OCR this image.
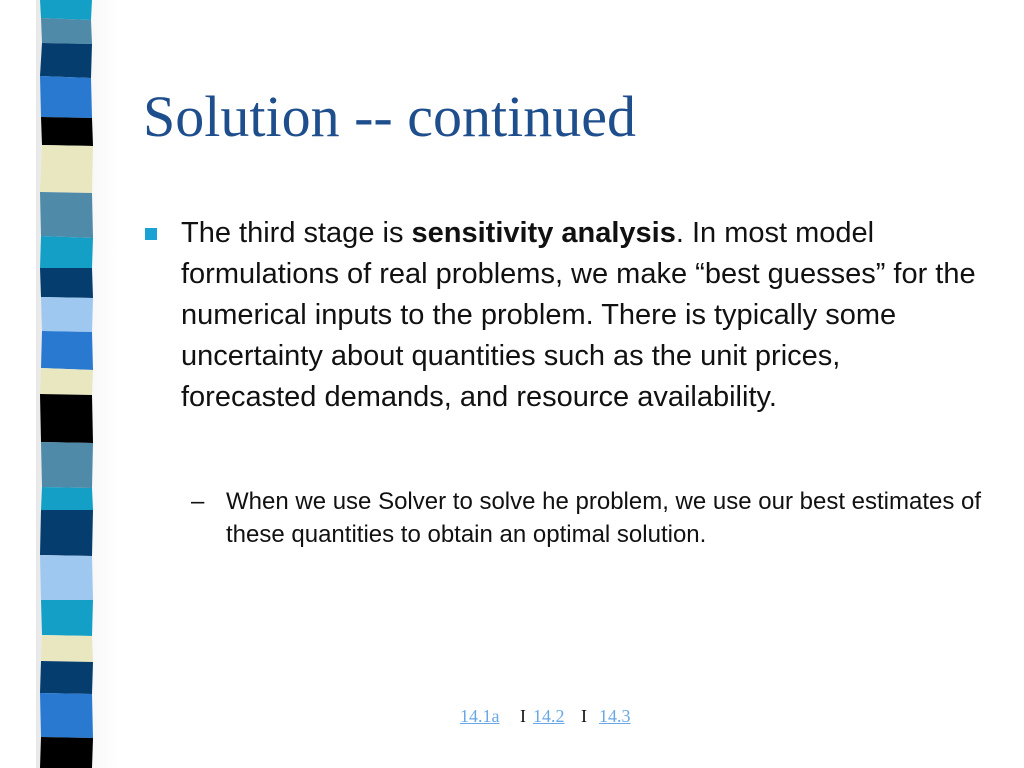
Solution -- continued

The third stage is sensitivity analysis. In most model formulations of real problems, we make “best guesses” for the numerical inputs to the problem. There is typically some uncertainty about quantities such as the unit prices, forecasted demands, and resource availability.

– When we use Solver to solve he problem, we use our best estimates of these quantities to obtain an optimal solution.

14.1a I 14.2 I 14.3
